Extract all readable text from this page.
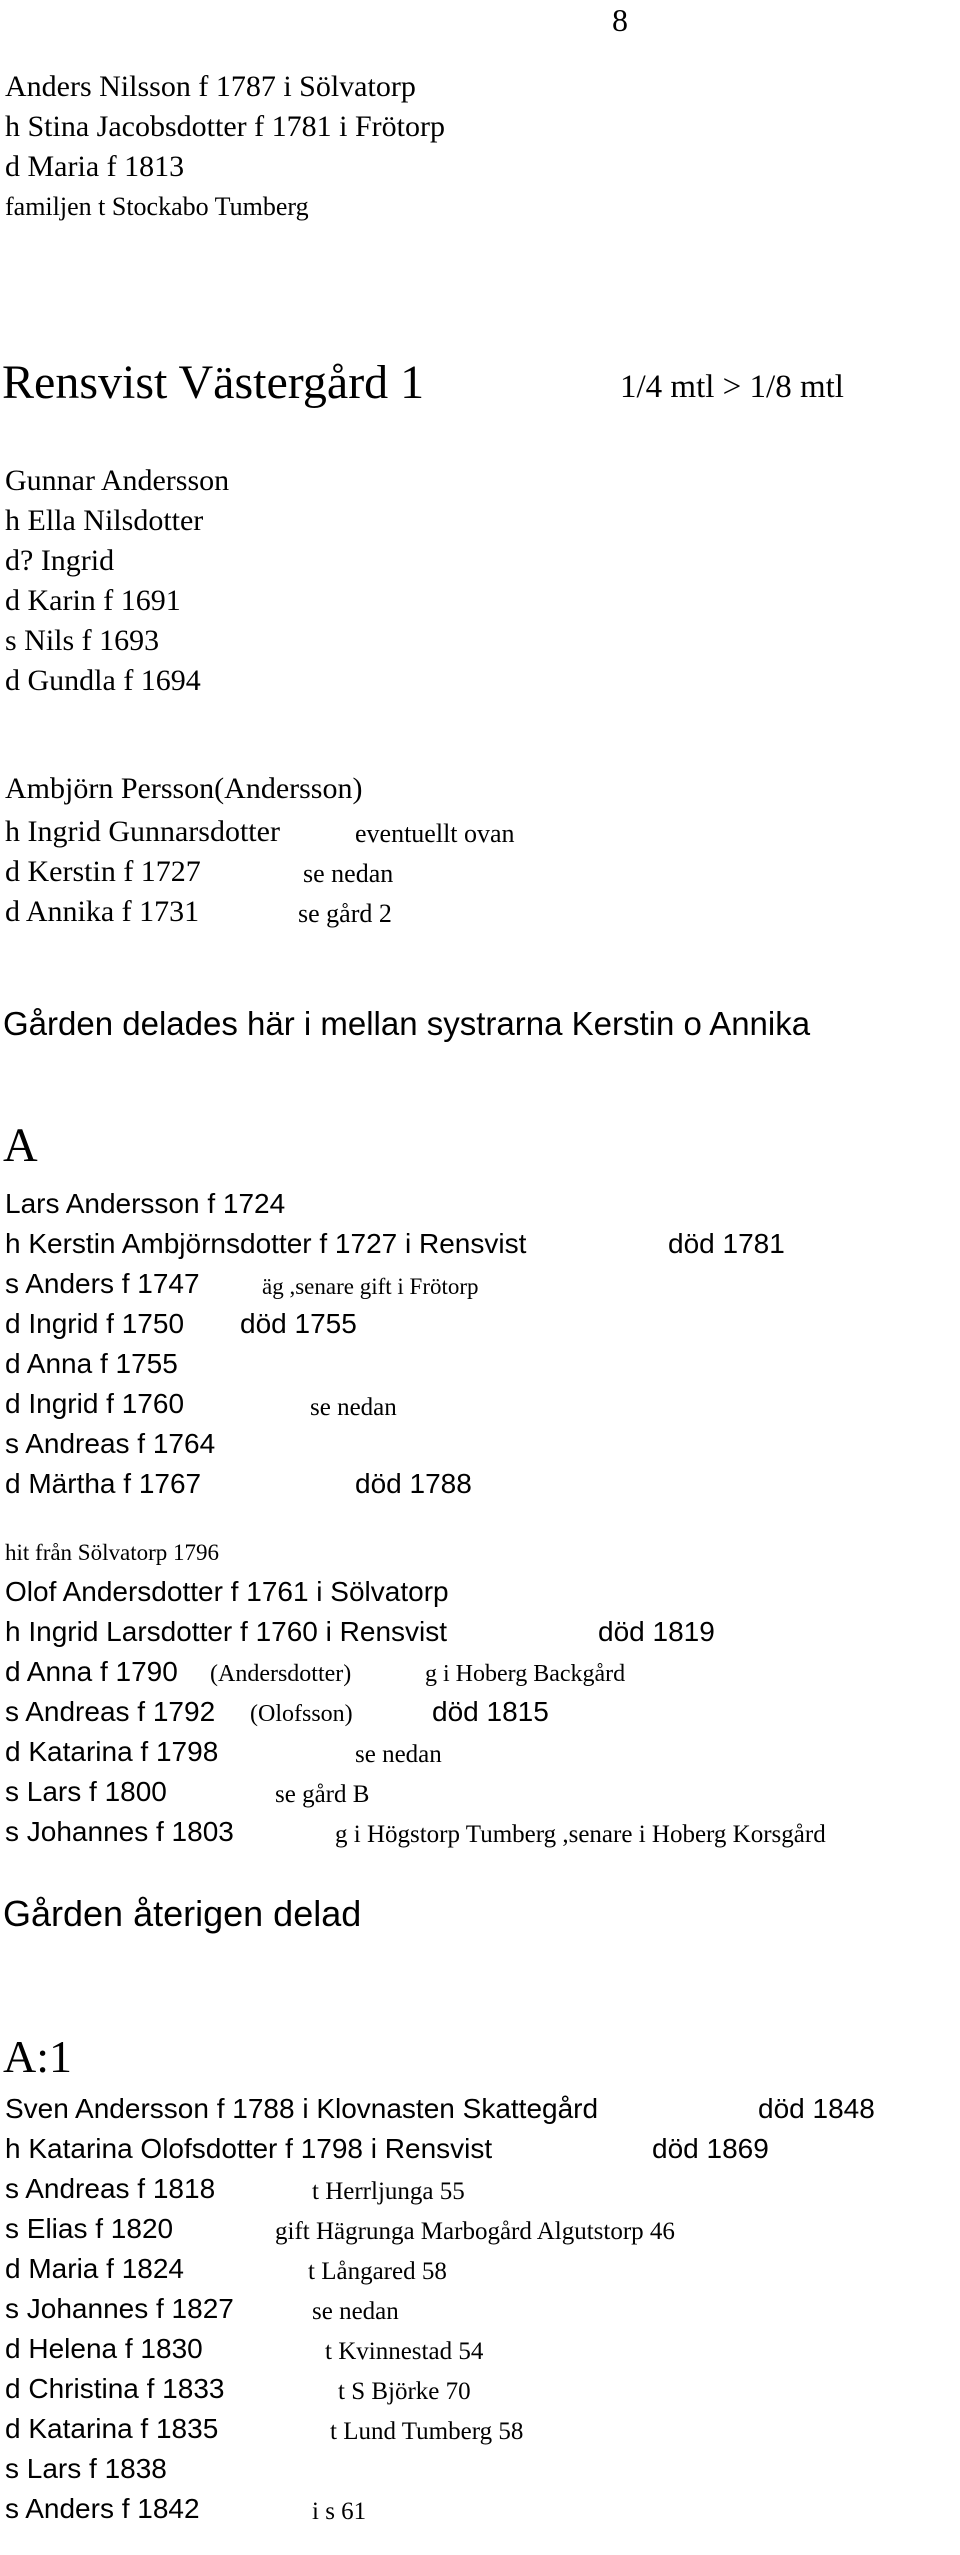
8
Anders Nilsson f 1787 i Sölvatorp
h Stina Jacobsdotter f 1781 i Frötorp
d Maria f 1813
familjen t Stockabo Tumberg
Rensvist Västergård 1	1/4 mtl > 1/8 mtl
Gunnar Andersson
h Ella Nilsdotter
d? Ingrid
d Karin f 1691
s Nils f 1693
d Gundla f 1694
Ambjörn Persson(Andersson)
h Ingrid Gunnarsdotter	eventuellt ovan
d Kerstin f 1727	se nedan
d Annika f 1731	se gård 2
Gården delades här i mellan systrarna Kerstin o Annika
A
Lars Andersson f 1724
h Kerstin Ambjörnsdotter f 1727 i Rensvist	död 1781
s Anders f 1747	äg ,senare gift i Frötorp
d Ingrid f 1750 död 1755
d Anna f 1755
d Ingrid f 1760	se nedan
s Andreas f 1764
d Märtha f 1767	död 1788
hit från Sölvatorp 1796
Olof Andersdotter f 1761 i Sölvatorp
h Ingrid Larsdotter f 1760 i Rensvist	död 1819
d Anna f 1790 (Andersdotter)	g i Hoberg Backgård
s Andreas f 1792 (Olofsson)	död 1815
d Katarina f 1798	se nedan
s Lars f 1800	se gård B
s Johannes f 1803	g i Högstorp Tumberg ,senare i Hoberg Korsgård
Gården återigen delad
A:1
Sven Andersson f 1788 i Klovnasten Skattegård	död 1848
h Katarina Olofsdotter f 1798 i Rensvist	död 1869
s Andreas f 1818	t Herrljunga 55
s Elias f 1820	gift Hägrunga Marbogård Algutstorp 46
d Maria f 1824	t Långared 58
s Johannes f 1827	se nedan
d Helena f 1830	t Kvinnestad 54
d Christina f 1833	t S Björke 70
d Katarina f 1835	t Lund Tumberg 58
s Lars f 1838
s Anders f 1842	i s 61
